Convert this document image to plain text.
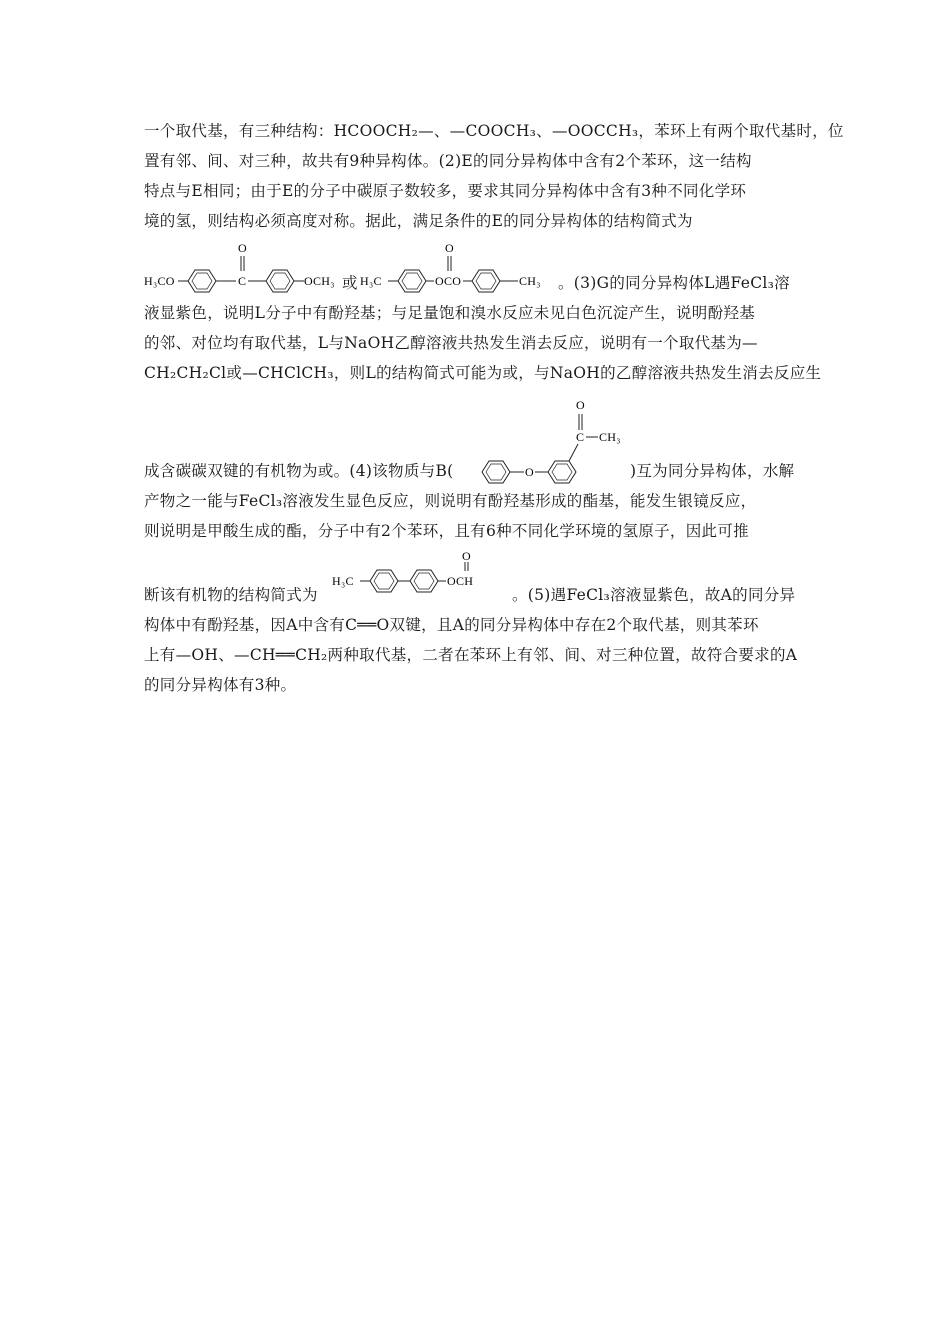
一个取代基，有三种结构：HCOOCH₂—、—COOCH₃、—OOCCH₃，苯环上有两个取代基时，位
置有邻、间、对三种，故共有9种异构体。(2)E的同分异构体中含有2个苯环，这一结构
特点与E相同；由于E的分子中碳原子数较多，要求其同分异构体中含有3种不同化学环
境的氢，则结构必须高度对称。据此，满足条件的E的同分异构体的结构简式为
H₃CO	C
O
OCH₃ 或 H₃C	OCO
O
CH₃ 。(3)G的同分异构体L遇FeCl₃溶
液显紫色，说明L分子中有酚羟基；与足量饱和溴水反应未见白色沉淀产生，说明酚羟基
的邻、对位均有取代基，L与NaOH乙醇溶液共热发生消去反应，说明有一个取代基为—
CH₂CH₂Cl或—CHClCH₃，则L的结构简式可能为或，与NaOH的乙醇溶液共热发生消去反应生
成含碳碳双键的有机物为或。(4)该物质与B(	O
C
O
CH₃
)互为同分异构体，水解
产物之一能与FeCl₃溶液发生显色反应，则说明有酚羟基形成的酯基，能发生银镜反应，
则说明是甲酸生成的酯，分子中有2个苯环，且有6种不同化学环境的氢原子，因此可推
断该有机物的结构简式为
H₃C	OCH
O
。(5)遇FeCl₃溶液显紫色，故A的同分异
构体中有酚羟基，因A中含有C══O双键，且A的同分异构体中存在2个取代基，则其苯环
上有—OH、—CH══CH₂两种取代基，二者在苯环上有邻、间、对三种位置，故符合要求的A
的同分异构体有3种。
